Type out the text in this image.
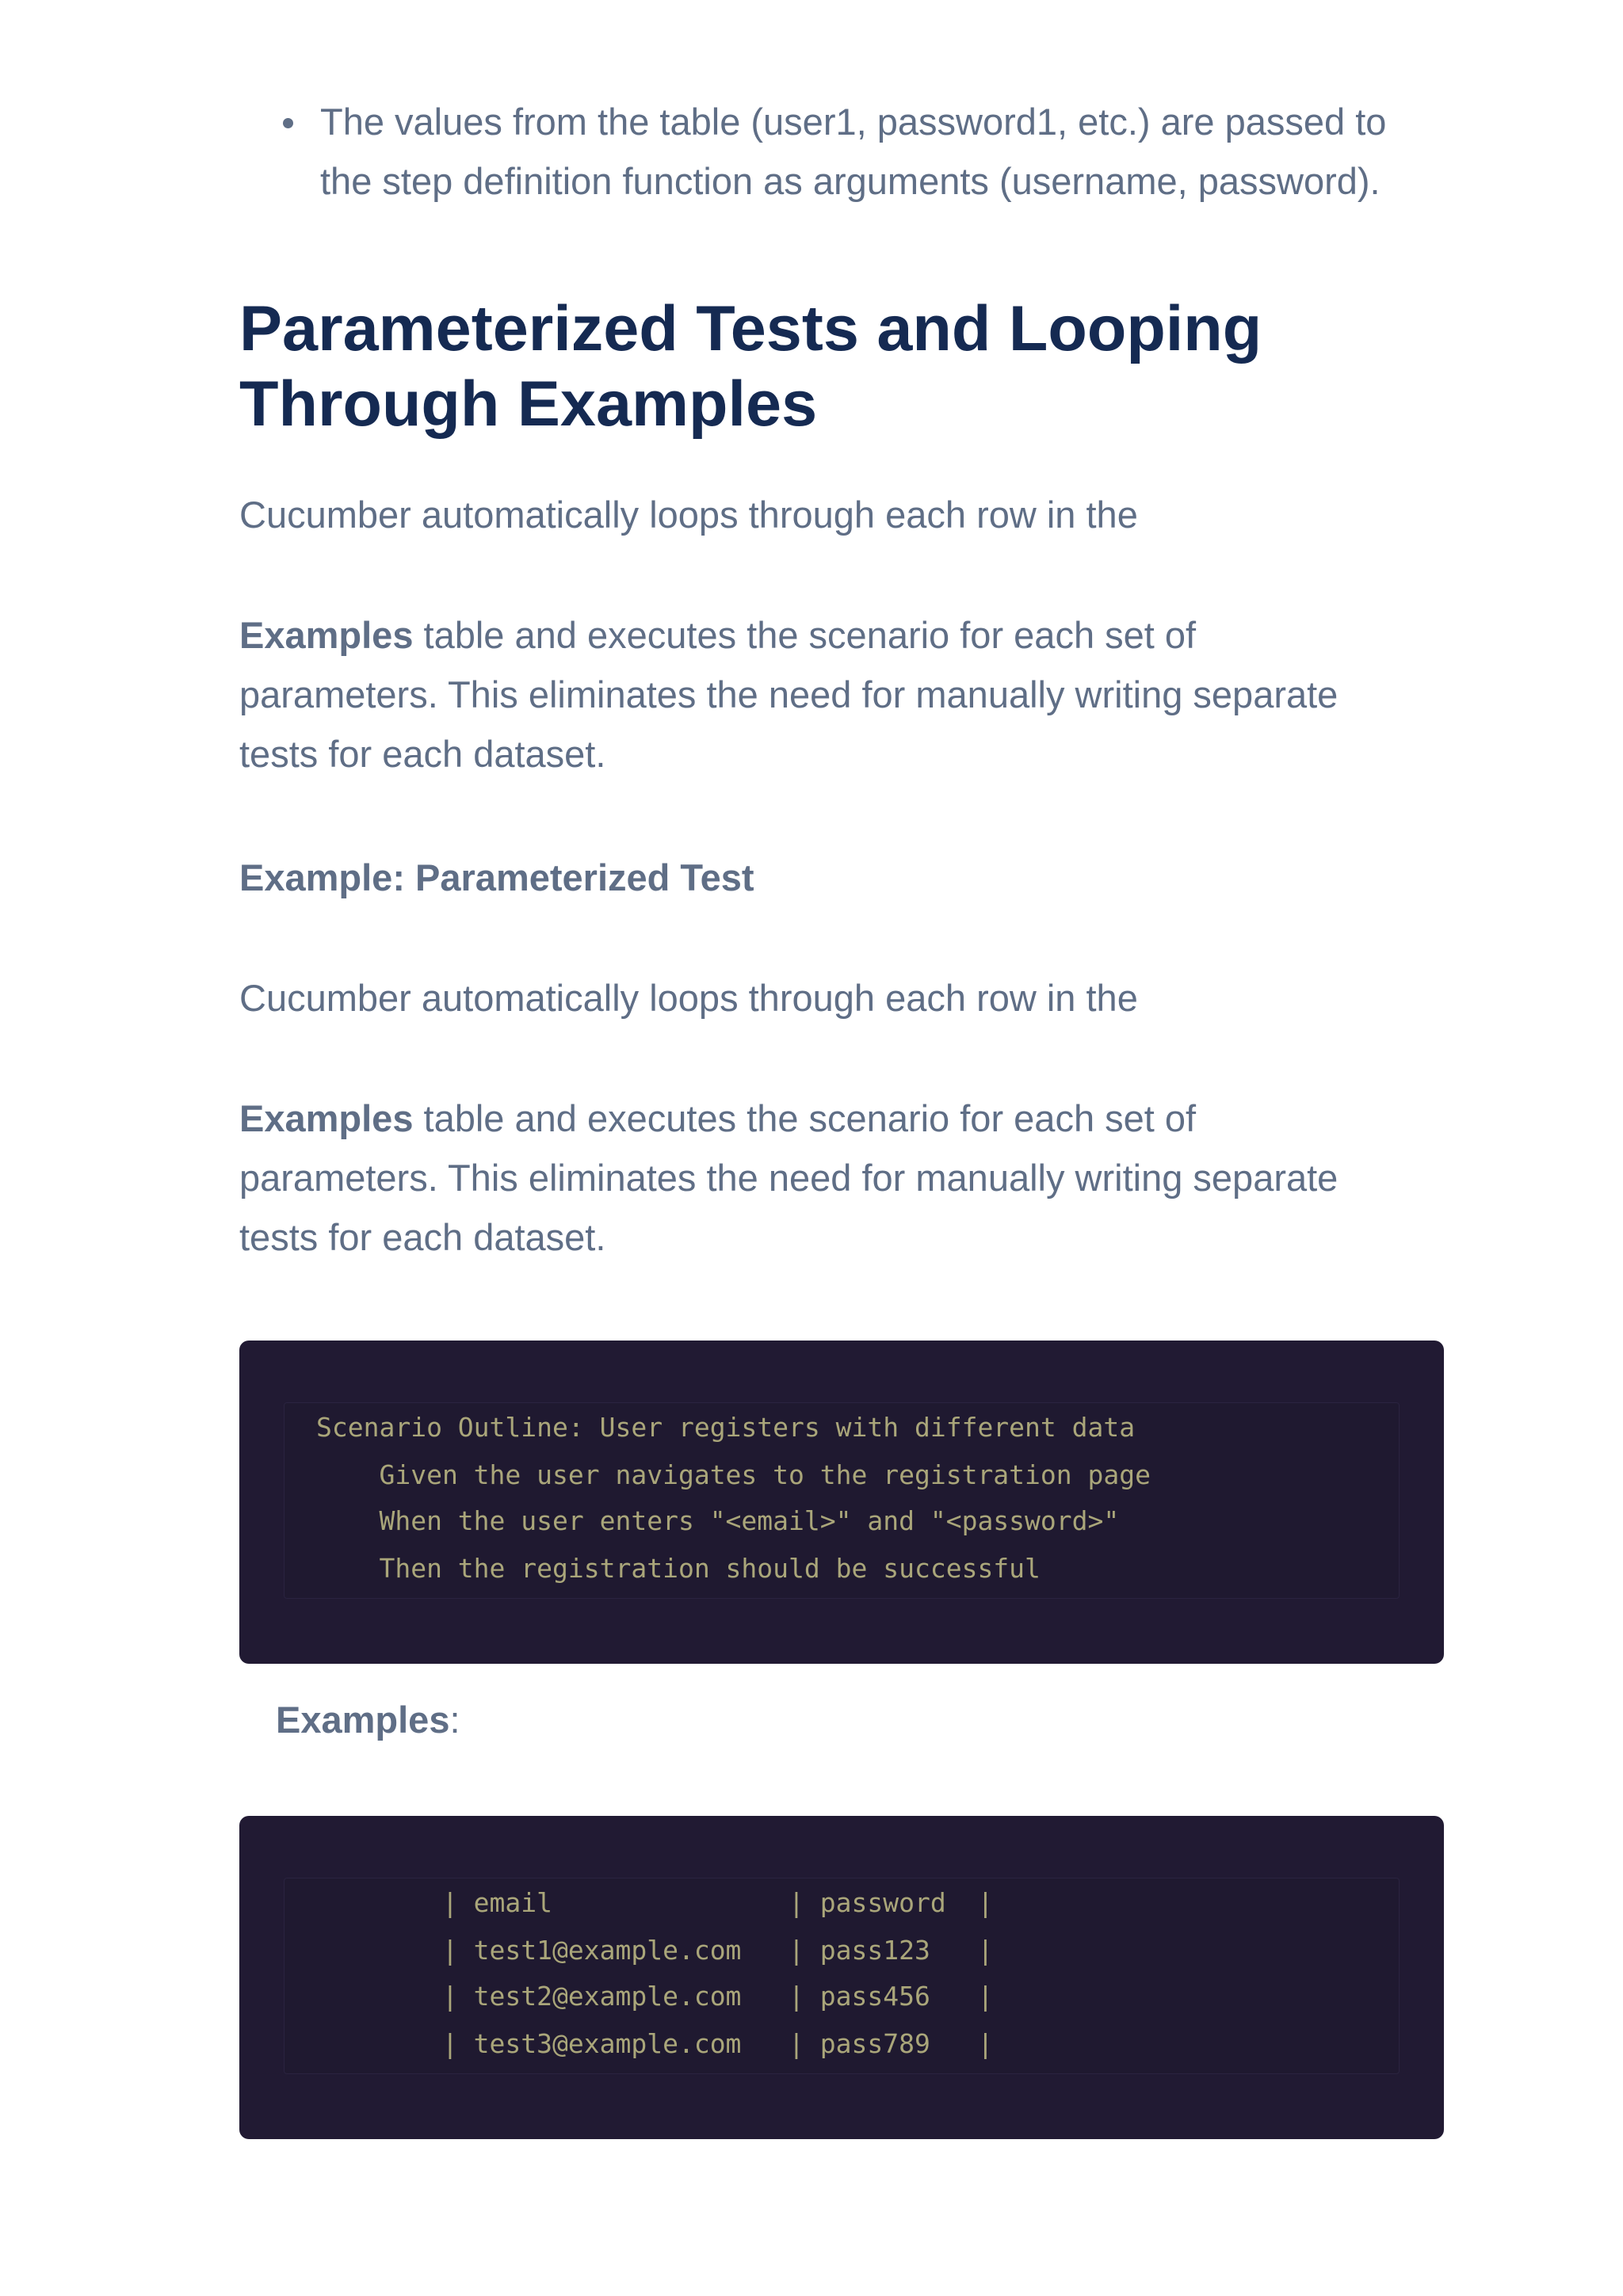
The values from the table (user1, password1, etc.) are passed to
the step definition function as arguments (username, password).
Parameterized Tests and Looping
Through Examples

Cucumber automatically loops through each row in the

Examples table and executes the scenario for each set of
parameters. This eliminates the need for manually writing separate
tests for each dataset.

Example: Parameterized Test

Cucumber automatically loops through each row in the

Examples table and executes the scenario for each set of
parameters. This eliminates the need for manually writing separate
tests for each dataset.

Scenario Outline: User registers with different data
Given the user navigates to the registration page
When the user enters "<email>" and "<password>"
Then the registration should be successful

Examples:

| email               | password  |
| test1@example.com   | pass123   |
| test2@example.com   | pass456   |
| test3@example.com   | pass789   |
